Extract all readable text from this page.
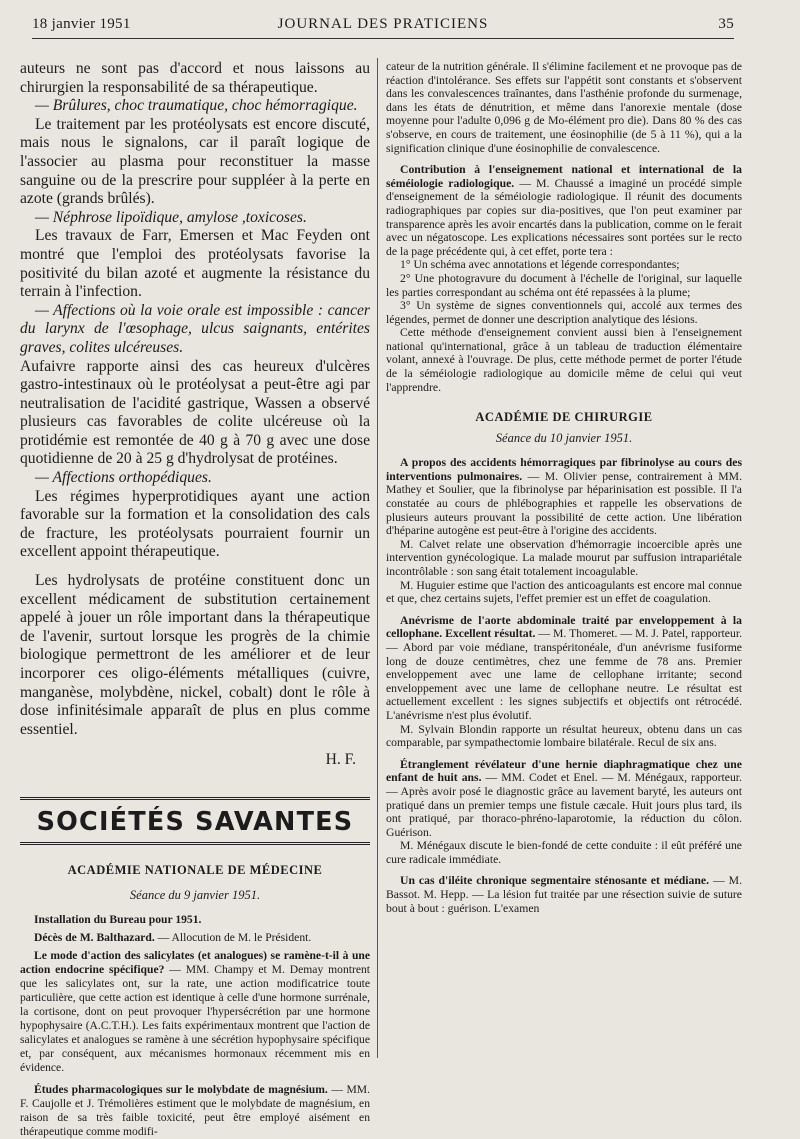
18 janvier 1951	JOURNAL DES PRATICIENS	35

auteurs ne sont pas d'accord et nous laissons au chirurgien la responsabilité de sa thérapeutique.

— Brûlures, choc traumatique, choc hémorragique.

Le traitement par les protéolysats est encore discuté, mais nous le signalons, car il paraît logique de l'associer au plasma pour reconstituer la masse sanguine ou de la prescrire pour suppléer à la perte en azote (grands brûlés).

— Néphrose lipoïdique, amylose ,toxicoses.

Les travaux de Farr, Emersen et Mac Feyden ont montré que l'emploi des protéolysats favorise la positivité du bilan azoté et augmente la résistance du terrain à l'infection.

— Affections où la voie orale est impossible : cancer du larynx de l'œsophage, ulcus saignants, entérites graves, colites ulcéreuses.

Aufaivre rapporte ainsi des cas heureux d'ulcères gastro-intestinaux où le protéolysat a peut-être agi par neutralisation de l'acidité gastrique, Wassen a observé plusieurs cas favorables de colite ulcéreuse où la protidémie est remontée de 40 g à 70 g avec une dose quotidienne de 20 à 25 g d'hydrolysat de protéines.

— Affections orthopédiques.

Les régimes hyperprotidiques ayant une action favorable sur la formation et la consolidation des cals de fracture, les protéolysats pourraient fournir un excellent appoint thérapeutique.

Les hydrolysats de protéine constituent donc un excellent médicament de substitution certainement appelé à jouer un rôle important dans la thérapeutique de l'avenir, surtout lorsque les progrès de la chimie biologique permettront de les améliorer et de leur incorporer ces oligo-éléments métalliques (cuivre, manganèse, molybdène, nickel, cobalt) dont le rôle à dose infinitésimale apparaît de plus en plus comme essentiel.

H. F.
SOCIÉTÉS SAVANTES
ACADÉMIE NATIONALE DE MÉDECINE
Séance du 9 janvier 1951.

Installation du Bureau pour 1951.

Décès de M. Balthazard. — Allocution de M. le Président.

Le mode d'action des salicylates (et analogues) se ramène-t-il à une action endocrine spécifique? — MM. Champy et M. Demay montrent que les salicylates ont, sur la rate, une action modificatrice toute particulière, que cette action est identique à celle d'une hormone surrénale, la cortisone, dont on peut provoquer l'hypersécrétion par une hormone hypophysaire (A.C.T.H.). Les faits expérimentaux montrent que l'action de salicylates et analogues se ramène à une sécrétion hypophysaire spécifique et, par conséquent, aux mécanismes hormonaux récemment mis en évidence.

Études pharmacologiques sur le molybdate de magnésium. — MM. F. Caujolle et J. Trémolières estiment que le molybdate de magnésium, en raison de sa très faible toxicité, peut être employé aisément en thérapeutique comme modifi-

cateur de la nutrition générale. Il s'élimine facilement et ne provoque pas de réaction d'intolérance. Ses effets sur l'appétit sont constants et s'observent dans les convalescences traînantes, dans l'asthénie profonde du surmenage, dans les états de dénutrition, et même dans l'anorexie mentale (dose moyenne pour l'adulte 0,096 g de Mo-élément pro die). Dans 80 % des cas s'observe, en cours de traitement, une éosinophilie (de 5 à 11 %), qui a la signification clinique d'une éosinophilie de convalescence.

Contribution à l'enseignement national et international de la séméiologie radiologique. — M. Chaussé a imaginé un procédé simple d'enseignement de la séméiologie radiologique. Il réunit des documents radiographiques par copies sur dia-positives, que l'on peut examiner par transparence après les avoir encartés dans la publication, comme on le ferait avec un négatoscope. Les explications nécessaires sont portées sur le recto de la page précédente qui, à cet effet, porte tera :

1° Un schéma avec annotations et légende correspondantes;

2° Une photogravure du document à l'échelle de l'original, sur laquelle les parties correspondant au schéma ont été repassées à la plume;

3° Un système de signes conventionnels qui, accolé aux termes des légendes, permet de donner une description analytique des lésions.

Cette méthode d'enseignement convient aussi bien à l'enseignement national qu'international, grâce à un tableau de traduction élémentaire volant, annexé à l'ouvrage. De plus, cette méthode permet de porter l'étude de la séméiologie radiologique au domicile même de celui qui veut l'apprendre.

ACADÉMIE DE CHIRURGIE
Séance du 10 janvier 1951.

A propos des accidents hémorragiques par fibrinolyse au cours des interventions pulmonaires. — M. Olivier pense, contrairement à MM. Mathey et Soulier, que la fibrinolyse par héparinisation est possible. Il l'a constatée au cours de phlébographies et rappelle les observations de plusieurs auteurs prouvant la possibilité de cette action. Une libération d'héparine autogène est peut-être à l'origine des accidents.

M. Calvet relate une observation d'hémorragie incoercible après une intervention gynécologique. La malade mourut par suffusion intrapariétale incontrôlable : son sang était totalement incoagulable.

M. Huguier estime que l'action des anticoagulants est encore mal connue et que, chez certains sujets, l'effet premier est un effet de coagulation.

Anévrisme de l'aorte abdominale traité par enveloppement à la cellophane. Excellent résultat. — M. Thomeret. — M. J. Patel, rapporteur. — Abord par voie médiane, transpéritonéale, d'un anévrisme fusiforme long de douze centimètres, chez une femme de 78 ans. Premier enveloppement avec une lame de cellophane irritante; second enveloppement avec une lame de cellophane neutre. Le résultat est actuellement excellent : les signes subjectifs et objectifs ont rétrocédé. L'anévrisme n'est plus évolutif.

M. Sylvain Blondin rapporte un résultat heureux, obtenu dans un cas comparable, par sympathectomie lombaire bilatérale. Recul de six ans.

Étranglement révélateur d'une hernie diaphragmatique chez une enfant de huit ans. — MM. Codet et Enel. — M. Ménégaux, rapporteur. — Après avoir posé le diagnostic grâce au lavement baryté, les auteurs ont pratiqué dans un premier temps une fistule cæcale. Huit jours plus tard, ils ont pratiqué, par thoraco-phréno-laparotomie, la réduction du côlon. Guérison.

M. Ménégaux discute le bien-fondé de cette conduite : il eût préféré une cure radicale immédiate.

Un cas d'iléite chronique segmentaire sténosante et médiane. — M. Bassot. M. Hepp. — La lésion fut traitée par une résection suivie de suture bout à bout : guérison. L'examen
